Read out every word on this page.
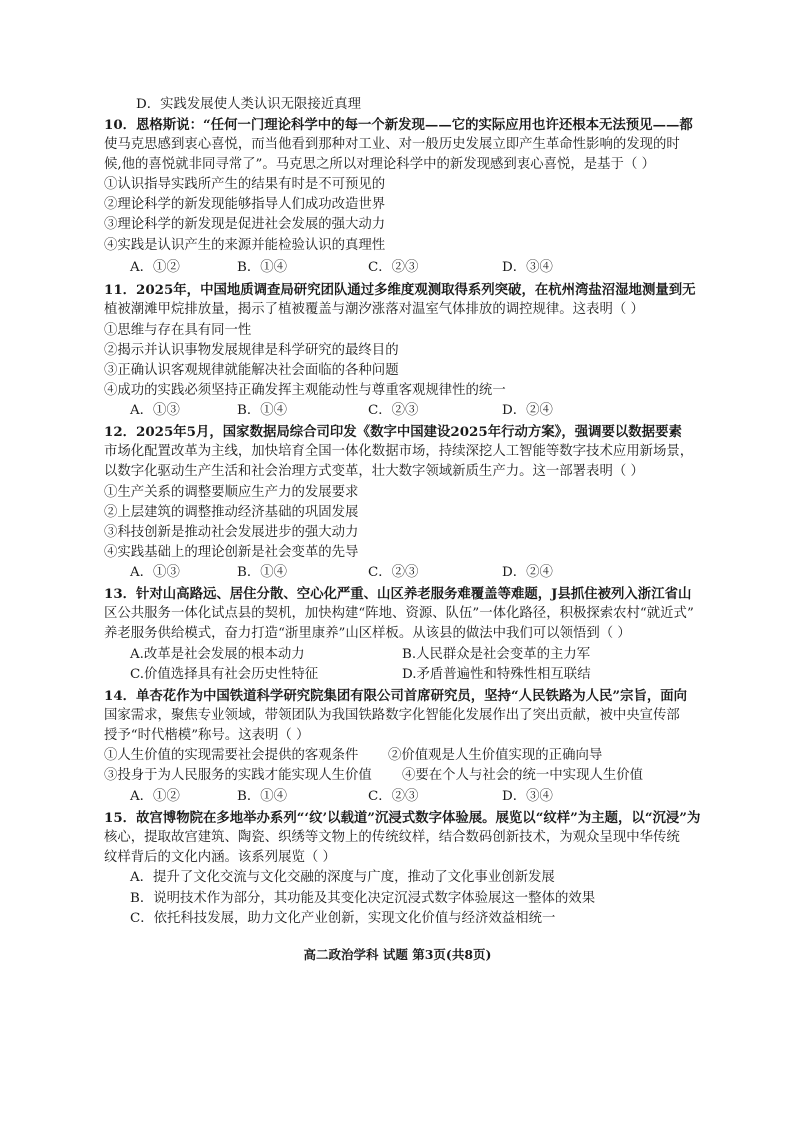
D．实践发展使人类认识无限接近真理
10．恩格斯说：“任何一门理论科学中的每一个新发现——它的实际应用也许还根本无法预见——都
使马克思感到衷心喜悦，而当他看到那种对工业、对一般历史发展立即产生革命性影响的发现的时
候,他的喜悦就非同寻常了”。马克思之所以对理论科学中的新发现感到衷心喜悦，是基于（ ）
①认识指导实践所产生的结果有时是不可预见的
②理论科学的新发现能够指导人们成功改造世界
③理论科学的新发现是促进社会发展的强大动力
④实践是认识产生的来源并能检验认识的真理性
A．①②	B．①④	C．②③	D．③④
11．2025年，中国地质调查局研究团队通过多维度观测取得系列突破，在杭州湾盐沼湿地测量到无
植被潮滩甲烷排放量，揭示了植被覆盖与潮汐涨落对温室气体排放的调控规律。这表明（ ）
①思维与存在具有同一性
②揭示并认识事物发展规律是科学研究的最终目的
③正确认识客观规律就能解决社会面临的各种问题
④成功的实践必须坚持正确发挥主观能动性与尊重客观规律性的统一
A．①③	B．①④	C．②③	D．②④
12．2025年5月，国家数据局综合司印发《数字中国建设2025年行动方案》，强调要以数据要素
市场化配置改革为主线，加快培育全国一体化数据市场，持续深挖人工智能等数字技术应用新场景，
以数字化驱动生产生活和社会治理方式变革，壮大数字领域新质生产力。这一部署表明（ ）
①生产关系的调整要顺应生产力的发展要求
②上层建筑的调整推动经济基础的巩固发展
③科技创新是推动社会发展进步的强大动力
④实践基础上的理论创新是社会变革的先导
A．①③	B．①④	C．②③	D．②④
13．针对山高路远、居住分散、空心化严重、山区养老服务难覆盖等难题，J县抓住被列入浙江省山
区公共服务一体化试点县的契机，加快构建“阵地、资源、队伍”一体化路径，积极探索农村“就近式”
养老服务供给模式，奋力打造“浙里康养”山区样板。从该县的做法中我们可以领悟到（ ）
A.改革是社会发展的根本动力	B.人民群众是社会变革的主力军
C.价值选择具有社会历史性特征	D.矛盾普遍性和特殊性相互联结
14．单杏花作为中国铁道科学研究院集团有限公司首席研究员，坚持“人民铁路为人民”宗旨，面向
国家需求，聚焦专业领域，带领团队为我国铁路数字化智能化发展作出了突出贡献，被中央宣传部
授予“时代楷模”称号。这表明（ ）
①人生价值的实现需要社会提供的客观条件 ②价值观是人生价值实现的正确向导
③投身于为人民服务的实践才能实现人生价值 ④要在个人与社会的统一中实现人生价值
A．①②	B．①④	C．②③	D．③④
15．故宫博物院在多地举办系列“‘纹’以载道”沉浸式数字体验展。展览以“纹样”为主题，以“沉浸”为
核心，提取故宫建筑、陶瓷、织绣等文物上的传统纹样，结合数码创新技术，为观众呈现中华传统
纹样背后的文化内涵。该系列展览（ ）
A．提升了文化交流与文化交融的深度与广度，推动了文化事业创新发展
B．说明技术作为部分，其功能及其变化决定沉浸式数字体验展这一整体的效果
C．依托科技发展，助力文化产业创新，实现文化价值与经济效益相统一
高二政治学科 试题 第3页(共8页)
